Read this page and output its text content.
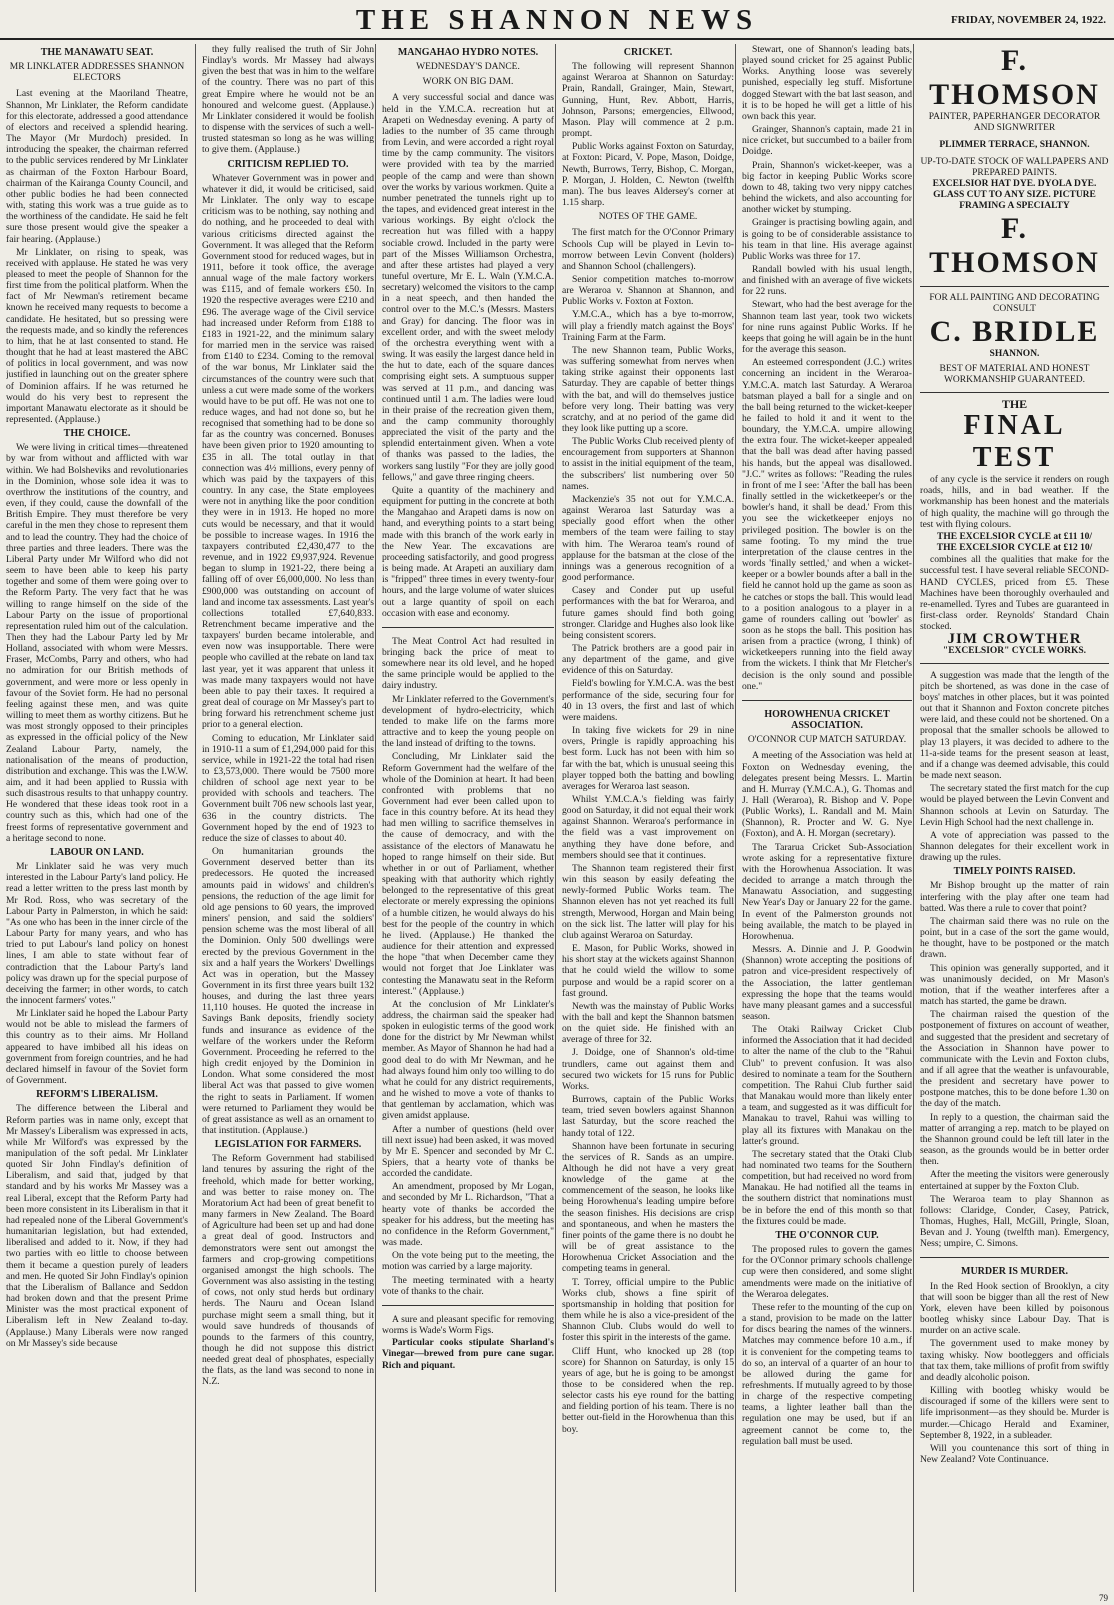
THE SHANNON NEWS	FRIDAY, NOVEMBER 24, 1922.
THE MANAWATU SEAT.
MR LINKLATER ADDRESSES SHANNON ELECTORS

Last evening at the Maoriland Theatre, Shannon, Mr Linklater, the Reform candidate for this electorate, addressed a good attendance of electors and received a splendid hearing. The Mayor (Mr Murdoch) presided. In introducing the speaker, the chairman referred to the public services rendered by Mr Linklater as chairman of the Foxton Harbour Board, chairman of the Kairanga County Council, and other public bodies he had been connected with, stating this work was a true guide as to the worthiness of the candidate. He said he felt sure those present would give the speaker a fair hearing. (Applause.)

Mr Linklater, on rising to speak, was received with applause. He stated he was very pleased to meet the people of Shannon for the first time from the political platform. When the fact of Mr Newman's retirement became known he received many requests to become a candidate. He hesitated, but so pressing were the requests made, and so kindly the references to him, that he at last consented to stand. He thought that he had at least mastered the ABC of politics in local government, and was now justified in launching out on the greater sphere of Dominion affairs. If he was returned he would do his very best to represent the important Manawatu electorate as it should be represented. (Applause.)

THE CHOICE.

We were living in critical times—threatened by war from without and afflicted with war within. We had Bolsheviks and revolutionaries in the Dominion, whose sole idea it was to overthrow the institutions of the country, and even, if they could, cause the downfall of the British Empire. They must therefore be very careful in the men they chose to represent them and to lead the country. They had the choice of three parties and three leaders. There was the Liberal Party under Mr Wilford who did not seem to have been able to keep his party together and some of them were going over to the Reform Party. The very fact that he was willing to range himself on the side of the Labour Party on the issue of proportional representation ruled him out of the calculation. Then they had the Labour Party led by Mr Holland, associated with whom were Messrs. Fraser, McCombs, Parry and others, who had no admiration for our British methods of government, and were more or less openly in favour of the Soviet form. He had no personal feeling against these men, and was quite willing to meet them as worthy citizens. But he was most strongly opposed to their principles as expressed in the official policy of the New Zealand Labour Party, namely, the nationalisation of the means of production, distribution and exchange. This was the I.W.W. aim, and it had been applied to Russia with such disastrous results to that unhappy country. He wondered that these ideas took root in a country such as this, which had one of the freest forms of representative government and a heritage second to none.

LABOUR ON LAND.

Mr Linklater said he was very much interested in the Labour Party's land policy. He read a letter written to the press last month by Mr Rod. Ross, who was secretary of the Labour Party in Palmerston, in which he said: "As one who has been in the inner circle of the Labour Party for many years, and who has tried to put Labour's land policy on honest lines, I am able to state without fear of contradiction that the Labour Party's land policy was drawn up for the special purpose of deceiving the farmer; in other words, to catch the innocent farmers' votes."

Mr Linklater said he hoped the Labour Party would not be able to mislead the farmers of this country as to their aims. Mr Holland appeared to have imbibed all his ideas on government from foreign countries, and he had declared himself in favour of the Soviet form of Government.

REFORM'S LIBERALISM.

The difference between the Liberal and Reform parties was in name only, except that Mr Massey's Liberalism was expressed in acts, while Mr Wilford's was expressed by the manipulation of the soft pedal. Mr Linklater quoted Sir John Findlay's definition of Liberalism, and said that, judged by that standard and by his works Mr Massey was a real Liberal, except that the Reform Party had been more consistent in its Liberalism in that it had repealed none of the Liberal Government's humanitarian legislation, but had extended, liberalised and added to it. Now, if they had two parties with eo little to choose between them it became a question purely of leaders and men. He quoted Sir John Findlay's opinion that the Liberalism of Ballance and Seddon had broken down and that the present Prime Minister was the most practical exponent of Liberalism left in New Zealand to-day. (Applause.) Many Liberals were now ranged on Mr Massey's side because

they fully realised the truth of Sir John Findlay's words. Mr Massey had always given the best that was in him to the welfare of the country. There was no part of this great Empire where he would not be an honoured and welcome guest. (Applause.) Mr Linklater considered it would be foolish to dispense with the services of such a well-trusted statesman so long as he was willing to give them. (Applause.)

CRITICISM REPLIED TO.

Whatever Government was in power and whatever it did, it would be criticised, said Mr Linklater. The only way to escape criticism was to be nothing, say nothing and do nothing, and he proceeded to deal with various criticisms directed against the Government. It was alleged that the Reform Government stood for reduced wages, but in 1911, before it took office, the average annual wage of the male factory workers was £115, and of female workers £50. In 1920 the respective averages were £210 and £96. The average wage of the Civil service had increased under Reform from £188 to £183 in 1921-22, and the minimum salary for married men in the service was raised from £140 to £234. Coming to the removal of the war bonus, Mr Linklater said the circumstances of the country were such that unless a cut were made some of the workers would have to be put off. He was not one to reduce wages, and had not done so, but he recognised that something had to be done so far as the country was concerned. Bonuses have been given prior to 1920 amounting to £35 in all. The total outlay in that connection was 4½ millions, every penny of which was paid by the taxpayers of this country. In any case, the State employees were not in anything like the poor condition they were in in 1913. He hoped no more cuts would be necessary, and that it would be possible to increase wages. In 1916 the taxpayers contributed £2,430,477 to the revenue, and in 1922 £9,937,924. Revenue began to slump in 1921-22, there being a falling off of over £6,000,000. No less than £900,000 was outstanding on account of land and income tax assessments. Last year's collections totalled £7,640,833. Retrenchment became imperative and the taxpayers' burden became intolerable, and even now was insupportable. There were people who cavilled at the rebate on land tax last year, yet it was apparent that unless it was made many taxpayers would not have been able to pay their taxes. It required a great deal of courage on Mr Massey's part to bring forward his retrenchment scheme just prior to a general election.

Coming to education, Mr Linklater said in 1910-11 a sum of £1,294,000 paid for this service, while in 1921-22 the total had risen to £3,573,000. There would be 7500 more children of school age next year to be provided with schools and teachers. The Government built 706 new schools last year, 636 in the country districts. The Government hoped by the end of 1923 to reduce the size of classes to about 40.

On humanitarian grounds the Government deserved better than its predecessors. He quoted the increased amounts paid in widows' and children's pensions, the reduction of the age limit for old age pensions to 60 years, the improved miners' pension, and said the soldiers' pension scheme was the most liberal of all the Dominion. Only 500 dwellings were erected by the previous Government in the six and a half years the Workers' Dwellings Act was in operation, but the Massey Government in its first three years built 132 houses, and during the last three years 11,110 houses. He quoted the increase in Savings Bank deposits, friendly society funds and insurance as evidence of the welfare of the workers under the Reform Government. Proceeding he referred to the high credit enjoyed by the Dominion in London. What some considered the most liberal Act was that passed to give women the right to seats in Parliament. If women were returned to Parliament they would be of great assistance as well as an ornament to that institution. (Applause.)

LEGISLATION FOR FARMERS.

The Reform Government had stabilised land tenures by assuring the right of the freehold, which made for better working, and was better to raise money on. The Moratorium Act had been of great benefit to many farmers in New Zealand. The Board of Agriculture had been set up and had done a great deal of good. Instructors and demonstrators were sent out amongst the farmers and crop-growing competitions organised amongst the high schools. The Government was also assisting in the testing of cows, not only stud herds but ordinary herds. The Nauru and Ocean Island purchase might seem a small thing, but it would save hundreds of thousands of pounds to the farmers of this country, though he did not suppose this district needed great deal of phosphates, especially the flats, as the land was second to none in N.Z.

MANGAHAO HYDRO NOTES.
WEDNESDAY'S DANCE.
WORK ON BIG DAM.

A very successful social and dance was held in the Y.M.C.A. recreation hut at Arapeti on Wednesday evening. A party of ladies to the number of 35 came through from Levin, and were accorded a right royal time by the camp community. The visitors were provided with tea by the married people of the camp and were than shown over the works by various workmen. Quite a number penetrated the tunnels right up to the tapes, and evidenced great interest in the various workings. By eight o'clock the recreation hut was filled with a happy sociable crowd. Included in the party were part of the Misses Williamson Orchestra, and after these artistes had played a very tuneful overture, Mr E. L. Waln (Y.M.C.A. secretary) welcomed the visitors to the camp in a neat speech, and then handed the control over to the M.C.'s (Messrs. Masters and Gray) for dancing. The floor was in excellent order, and with the sweet melody of the orchestra everything went with a swing. It was easily the largest dance held in the hut to date, each of the square dances comprising eight sets. A sumptuous supper was served at 11 p.m., and dancing was continued until 1 a.m. The ladies were loud in their praise of the recreation given them, and the camp community thoroughly appreciated the visit of the party and the splendid entertainment given. When a vote of thanks was passed to the ladies, the workers sang lustily "For they are jolly good fellows," and gave three ringing cheers.

Quite a quantity of the machinery and equipment for putting in the concrete at both the Mangahao and Arapeti dams is now on hand, and everything points to a start being made with this branch of the work early in the New Year. The excavations are proceeding satisfactorily, and good progress is being made. At Arapeti an auxiliary dam is "fripped" three times in every twenty-four hours, and the large volume of water sluices out a large quantity of spoil on each occasion with ease and economy.

The Meat Control Act had resulted in bringing back the price of meat to somewhere near its old level, and he hoped the same principle would be applied to the dairy industry.

Mr Linklater referred to the Government's development of hydro-electricity, which tended to make life on the farms more attractive and to keep the young people on the land instead of drifting to the towns.

Concluding, Mr Linklater said the Reform Government had the welfare of the whole of the Dominion at heart. It had been confronted with problems that no Government had ever been called upon to face in this country before. At its head they had men willing to sacrifice themselves in the cause of democracy, and with the assistance of the electors of Manawatu he hoped to range himself on their side. But whether in or out of Parliament, whether speaking with that authority which rightly belonged to the representative of this great electorate or merely expressing the opinions of a humble citizen, he would always do his best for the people of the country in which he lived. (Applause.) He thanked the audience for their attention and expressed the hope "that when December came they would not forget that Joe Linklater was contesting the Manawatu seat in the Reform interest." (Applause.)

At the conclusion of Mr Linklater's address, the chairman said the speaker had spoken in eulogistic terms of the good work done for the district by Mr Newman whilst member. As Mayor of Shannon he had had a good deal to do with Mr Newman, and he had always found him only too willing to do what he could for any district requirements, and he wished to move a vote of thanks to that gentleman by acclamation, which was given amidst applause.

After a number of questions (held over till next issue) had been asked, it was moved by Mr E. Spencer and seconded by Mr C. Spiers, that a hearty vote of thanks be accorded the candidate.

An amendment, proposed by Mr Logan, and seconded by Mr L. Richardson, "That a hearty vote of thanks be accorded the speaker for his address, but the meeting has no confidence in the Reform Government," was made.

On the vote being put to the meeting, the motion was carried by a large majority.

The meeting terminated with a hearty vote of thanks to the chair.

A sure and pleasant specific for removing worms is Wade's Worm Figs.

Particular cooks stipulate Sharland's Vinegar—brewed from pure cane sugar. Rich and piquant.

CRICKET.

The following will represent Shannon against Weraroa at Shannon on Saturday: Prain, Randall, Grainger, Main, Stewart, Gunning, Hunt, Rev. Abbott, Harris, Johnson, Parsons; emergencies, Ellwood, Mason. Play will commence at 2 p.m. prompt.

Public Works against Foxton on Saturday, at Foxton: Picard, V. Pope, Mason, Doidge, Newth, Burrows, Terry, Bishop, C. Morgan, P. Morgan, J. Holden, C. Newton (twelfth man). The bus leaves Aldersey's corner at 1.15 sharp.

NOTES OF THE GAME.

The first match for the O'Connor Primary Schools Cup will be played in Levin to-morrow between Levin Convent (holders) and Shannon School (challengers).

Senior competition matches to-morrow are Weraroa v. Shannon at Shannon, and Public Works v. Foxton at Foxton.

Y.M.C.A., which has a bye to-morrow, will play a friendly match against the Boys' Training Farm at the Farm.

The new Shannon team, Public Works, was suffering somewhat from nerves when taking strike against their opponents last Saturday. They are capable of better things with the bat, and will do themselves justice before very long. Their batting was very scratchy, and at no period of the game did they look like putting up a score.

The Public Works Club received plenty of encouragement from supporters at Shannon to assist in the initial equipment of the team, the subscribers' list numbering over 50 names.

Mackenzie's 35 not out for Y.M.C.A. against Weraroa last Saturday was a specially good effort when the other members of the team were failing to stay with him. The Weraroa team's round of applause for the batsman at the close of the innings was a generous recognition of a good performance.

Casey and Conder put up useful performances with the bat for Weraroa, and future games should find both going stronger. Claridge and Hughes also look like being consistent scorers.

The Patrick brothers are a good pair in any department of the game, and give evidence of this on Saturday.

Field's bowling for Y.M.C.A. was the best performance of the side, securing four for 40 in 13 overs, the first and last of which were maidens.

In taking five wickets for 29 in nine overs, Pringle is rapidly approaching his best form. Luck has not been with him so far with the bat, which is unusual seeing this player topped both the batting and bowling averages for Weraroa last season.

Whilst Y.M.C.A.'s fielding was fairly good on Saturday, it did not equal their work against Shannon. Weraroa's performance in the field was a vast improvement on anything they have done before, and members should see that it continues.

The Shannon team registered their first win this season by easily defeating the newly-formed Public Works team. The Shannon eleven has not yet reached its full strength, Merwood, Horgan and Main being on the sick list. The latter will play for his club against Weraroa on Saturday.

E. Mason, for Public Works, showed in his short stay at the wickets against Shannon that he could wield the willow to some purpose and would be a rapid scorer on a fast ground.

Newth was the mainstay of Public Works with the ball and kept the Shannon batsmen on the quiet side. He finished with an average of three for 32.

J. Doidge, one of Shannon's old-time trundlers, came out against them and secured two wickets for 15 runs for Public Works.

Burrows, captain of the Public Works team, tried seven bowlers against Shannon last Saturday, but the score reached the handy total of 122.

Shannon have been fortunate in securing the services of R. Sands as an umpire. Although he did not have a very great knowledge of the game at the commencement of the season, he looks like being Horowhenua's leading umpire before the season finishes. His decisions are crisp and spontaneous, and when he masters the finer points of the game there is no doubt he will be of great assistance to the Horowhenua Cricket Association and the competing teams in general.

T. Torrey, official umpire to the Public Works club, shows a fine spirit of sportsmanship in holding that position for them while he is also a vice-president of the Shannon Club. Clubs would do well to foster this spirit in the interests of the game.

Cliff Hunt, who knocked up 28 (top score) for Shannon on Saturday, is only 15 years of age, but he is going to be amongst those to be considered when the rep. selector casts his eye round for the batting and fielding portion of his team. There is no better out-field in the Horowhenua than this boy.

Stewart, one of Shannon's leading bats, played sound cricket for 25 against Public Works. Anything loose was severely punished, especially leg stuff. Misfortune dogged Stewart with the bat last season, and it is to be hoped he will get a little of his own back this year.

Grainger, Shannon's captain, made 21 in nice cricket, but succumbed to a bailer from Doidge.

Prain, Shannon's wicket-keeper, was a big factor in keeping Public Works score down to 48, taking two very nippy catches behind the wickets, and also accounting for another wicket by stumping.

Grainger is practising bowling again, and is going to be of considerable assistance to his team in that line. His average against Public Works was three for 17.

Randall bowled with his usual length, and finished with an average of five wickets for 22 runs.

Stewart, who had the best average for the Shannon team last year, took two wickets for nine runs against Public Works. If he keeps that going he will again be in the hunt for the average this season.

An esteemed correspondent (J.C.) writes concerning an incident in the Weraroa-Y.M.C.A. match last Saturday. A Weraroa batsman played a ball for a single and on the ball being returned to the wicket-keeper he failed to hold it and it went to the boundary, the Y.M.C.A. umpire allowing the extra four. The wicket-keeper appealed that the ball was dead after having passed his hands, but the appeal was disallowed. "J.C." writes as follows: "Reading the rules in front of me I see: 'After the ball has been finally settled in the wicketkeeper's or the bowler's hand, it shall be dead.' From this you see the wicketkeeper enjoys no privileged position. The bowler is on the same footing. To my mind the true interpretation of the clause centres in the words 'finally settled,' and when a wicket-keeper or a bowler bounds after a ball in the field he cannot hold up the game as soon as he catches or stops the ball. This would lead to a position analogous to a player in a game of rounders calling out 'bowler' as soon as he stops the ball. This position has arisen from a practice (wrong, I think) of wicketkeepers running into the field away from the wickets. I think that Mr Fletcher's decision is the only sound and possible one."

HOROWHENUA CRICKET ASSOCIATION.
O'CONNOR CUP MATCH SATURDAY.

A meeting of the Association was held at Foxton on Wednesday evening, the delegates present being Messrs. L. Martin and H. Murray (Y.M.C.A.), G. Thomas and J. Hall (Weraroa), R. Bishop and V. Pope (Public Works), L. Randall and M. Main (Shannon), R. Procter and W. G. Nye (Foxton), and A. H. Morgan (secretary).

The Tararua Cricket Sub-Association wrote asking for a representative fixture with the Horowhenua Association. It was decided to arrange a match through the Manawatu Association, and suggesting New Year's Day or January 22 for the game. In event of the Palmerston grounds not being available, the match to be played in Horowhenua.

Messrs. A. Dinnie and J. P. Goodwin (Shannon) wrote accepting the positions of patron and vice-president respectively of the Association, the latter gentleman expressing the hope that the teams would have many pleasant games and a successful season.

The Otaki Railway Cricket Club informed the Association that it had decided to alter the name of the club to the "Rahui Club" to prevent confusion. It was also desired to nominate a team for the Southern competition. The Rahui Club further said that Manakau would more than likely enter a team, and suggested as it was difficult for Manakau to travel, Rahui was willing to play all its fixtures with Manakau on the latter's ground.

The secretary stated that the Otaki Club had nominated two teams for the Southern competition, but had received no word from Manakau. He had notified all the teams in the southern district that nominations must be in before the end of this month so that the fixtures could be made.

THE O'CONNOR CUP.

The proposed rules to govern the games for the O'Connor primary schools challenge cup were then considered, and some slight amendments were made on the initiative of the Weraroa delegates.

These refer to the mounting of the cup on a stand, provision to be made on the latter for discs bearing the names of the winners. Matches may commence before 10 a.m., if it is convenient for the competing teams to do so, an interval of a quarter of an hour to be allowed during the game for refreshments. If mutually agreed to by those in charge of the respective competing teams, a lighter leather ball than the regulation one may be used, but if an agreement cannot be come to, the regulation ball must be used.

F. THOMSON
PAINTER, PAPERHANGER DECORATOR AND SIGNWRITER
PLIMMER TERRACE, SHANNON.
UP-TO-DATE STOCK OF WALLPAPERS AND PREPARED PAINTS.
EXCELSIOR HAT DYE. DYOLA DYE. GLASS CUT TO ANY SIZE. PICTURE FRAMING A SPECIALTY
F. THOMSON
FOR ALL PAINTING AND DECORATING CONSULT
C. BRIDLE
SHANNON.
BEST OF MATERIAL AND HONEST WORKMANSHIP GUARANTEED.
THE
FINAL TEST

of any cycle is the service it renders on rough roads, hills, and in bad weather. If the workmanship has been honest and the materials of high quality, the machine will go through the test with flying colours.

THE EXCELSIOR CYCLE at £11 10/
THE EXCELSIOR CYCLE at £12 10/

combines all the qualities that make for the successful test. I have several reliable SECOND-HAND CYCLES, priced from £5. These Machines have been thoroughly overhauled and re-enamelled. Tyres and Tubes are guaranteed in first-class order. Reynolds' Standard Chain stocked.

JIM CROWTHER
"EXCELSIOR" CYCLE WORKS.

A suggestion was made that the length of the pitch be shortened, as was done in the case of boys' matches in other places, but it was pointed out that it Shannon and Foxton concrete pitches were laid, and these could not be shortened. On a proposal that the smaller schools be allowed to play 13 players, it was decided to adhere to the 11-a-side teams for the present season at least, and if a change was deemed advisable, this could be made next season.

The secretary stated the first match for the cup would be played between the Levin Convent and Shannon schools at Levin on Saturday. The Levin High School had the next challenge in.

A vote of appreciation was passed to the Shannon delegates for their excellent work in drawing up the rules.

TIMELY POINTS RAISED.

Mr Bishop brought up the matter of rain interfering with the play after one team had batted. Was there a rule to cover that point?

The chairman said there was no rule on the point, but in a case of the sort the game would, he thought, have to be postponed or the match drawn.

This opinion was generally supported, and it was unanimously decided, on Mr Mason's motion, that if the weather interferes after a match has started, the game be drawn.

The chairman raised the question of the postponement of fixtures on account of weather, and suggested that the president and secretary of the Association in Shannon have power to communicate with the Levin and Foxton clubs, and if all agree that the weather is unfavourable, the president and secretary have power to postpone matches, this to be done before 1.30 on the day of the match.

In reply to a question, the chairman said the matter of arranging a rep. match to be played on the Shannon ground could be left till later in the season, as the grounds would be in better order then.

After the meeting the visitors were generously entertained at supper by the Foxton Club.

The Weraroa team to play Shannon as follows: Claridge, Conder, Casey, Patrick, Thomas, Hughes, Hall, McGill, Pringle, Sloan, Bevan and J. Young (twelfth man). Emergency, Ness; umpire, C. Simons.

MURDER IS MURDER.

In the Red Hook section of Brooklyn, a city that will soon be bigger than all the rest of New York, eleven have been killed by poisonous bootleg whisky since Labour Day. That is murder on an active scale.

The government used to make money by taxing whisky. Now bootleggers and officials that tax them, take millions of profit from swiftly and deadly alcoholic poison.

Killing with bootleg whisky would be discouraged if some of the killers were sent to life imprisonment—as they should be. Murder is murder.—Chicago Herald and Examiner, September 8, 1922, in a subleader.

Will you countenance this sort of thing in New Zealand? Vote Continuance.

79
